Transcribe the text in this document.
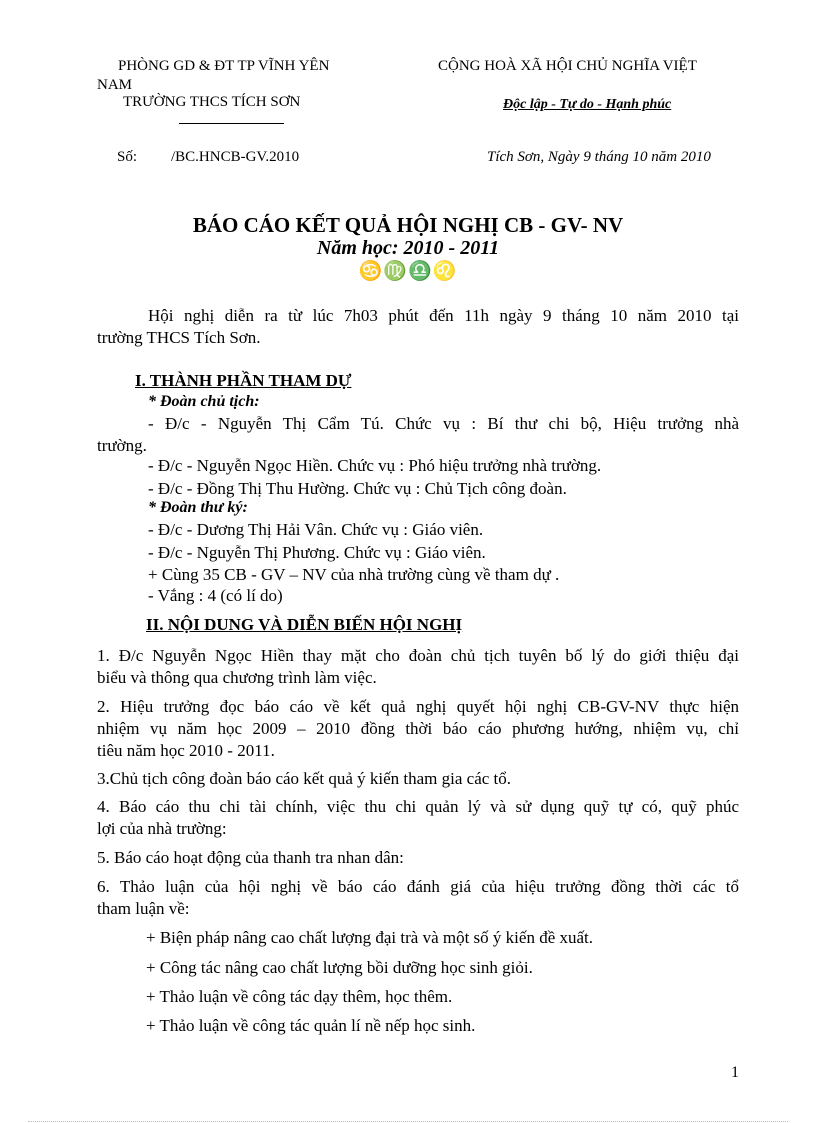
PHÒNG GD & ĐT TP VĨNH YÊN	CỘNG HOÀ XÃ HỘI CHỦ NGHĨA VIỆT
NAM
TRƯỜNG THCS TÍCH SƠN	Độc lập - Tự do - Hạnh phúc
Số: /BC.HNCB-GV.2010	Tích Sơn, Ngày 9 tháng 10 năm 2010
BÁO CÁO KẾT QUẢ HỘI NGHỊ CB - GV- NV
Năm học: 2010 - 2011
♋♍♎♌
Hội nghị diễn ra từ lúc 7h03 phút đến 11h ngày 9 tháng 10 năm 2010 tại
trường THCS Tích Sơn.
I. THÀNH PHẦN THAM DỰ
* Đoàn chủ tịch:
- Đ/c - Nguyễn Thị Cẩm Tú. Chức vụ : Bí thư chi bộ, Hiệu trưởng nhà
trường.
- Đ/c - Nguyễn Ngọc Hiền. Chức vụ : Phó hiệu trưởng nhà trường.
- Đ/c - Đồng Thị Thu Hường. Chức vụ : Chủ Tịch công đoàn.
* Đoàn thư ký:
- Đ/c - Dương Thị Hải Vân. Chức vụ : Giáo viên.
- Đ/c - Nguyễn Thị Phương. Chức vụ : Giáo viên.
+ Cùng 35 CB - GV – NV của nhà trường cùng về tham dự .
- Vắng : 4 (có lí do)
II. NỘI DUNG VÀ DIỄN BIẾN HỘI NGHỊ
1. Đ/c Nguyễn Ngọc Hiền thay mặt cho đoàn chủ tịch tuyên bố lý do giới thiệu đại
biểu và thông qua chương trình làm việc.
2. Hiệu trưởng đọc báo cáo về kết quả nghị quyết hội nghị CB-GV-NV thực hiện
nhiệm vụ năm học 2009 – 2010 đồng thời báo cáo phương hướng, nhiệm vụ, chỉ
tiêu năm học 2010 - 2011.
3.Chủ tịch công đoàn báo cáo kết quả ý kiến tham gia các tổ.
4. Báo cáo thu chi tài chính, việc thu chi quản lý và sử dụng quỹ tự có, quỹ phúc
lợi của nhà trường:
5. Báo cáo hoạt động của thanh tra nhan dân:
6. Thảo luận của hội nghị về báo cáo đánh giá của hiệu trưởng đồng thời các tổ
tham luận về:
+ Biện pháp nâng cao chất lượng đại trà và một số ý kiến đề xuất.
+ Công tác nâng cao chất lượng bồi dưỡng học sinh giỏi.
+ Thảo luận về công tác dạy thêm, học thêm.
+ Thảo luận về công tác quản lí nề nếp học sinh.
1
